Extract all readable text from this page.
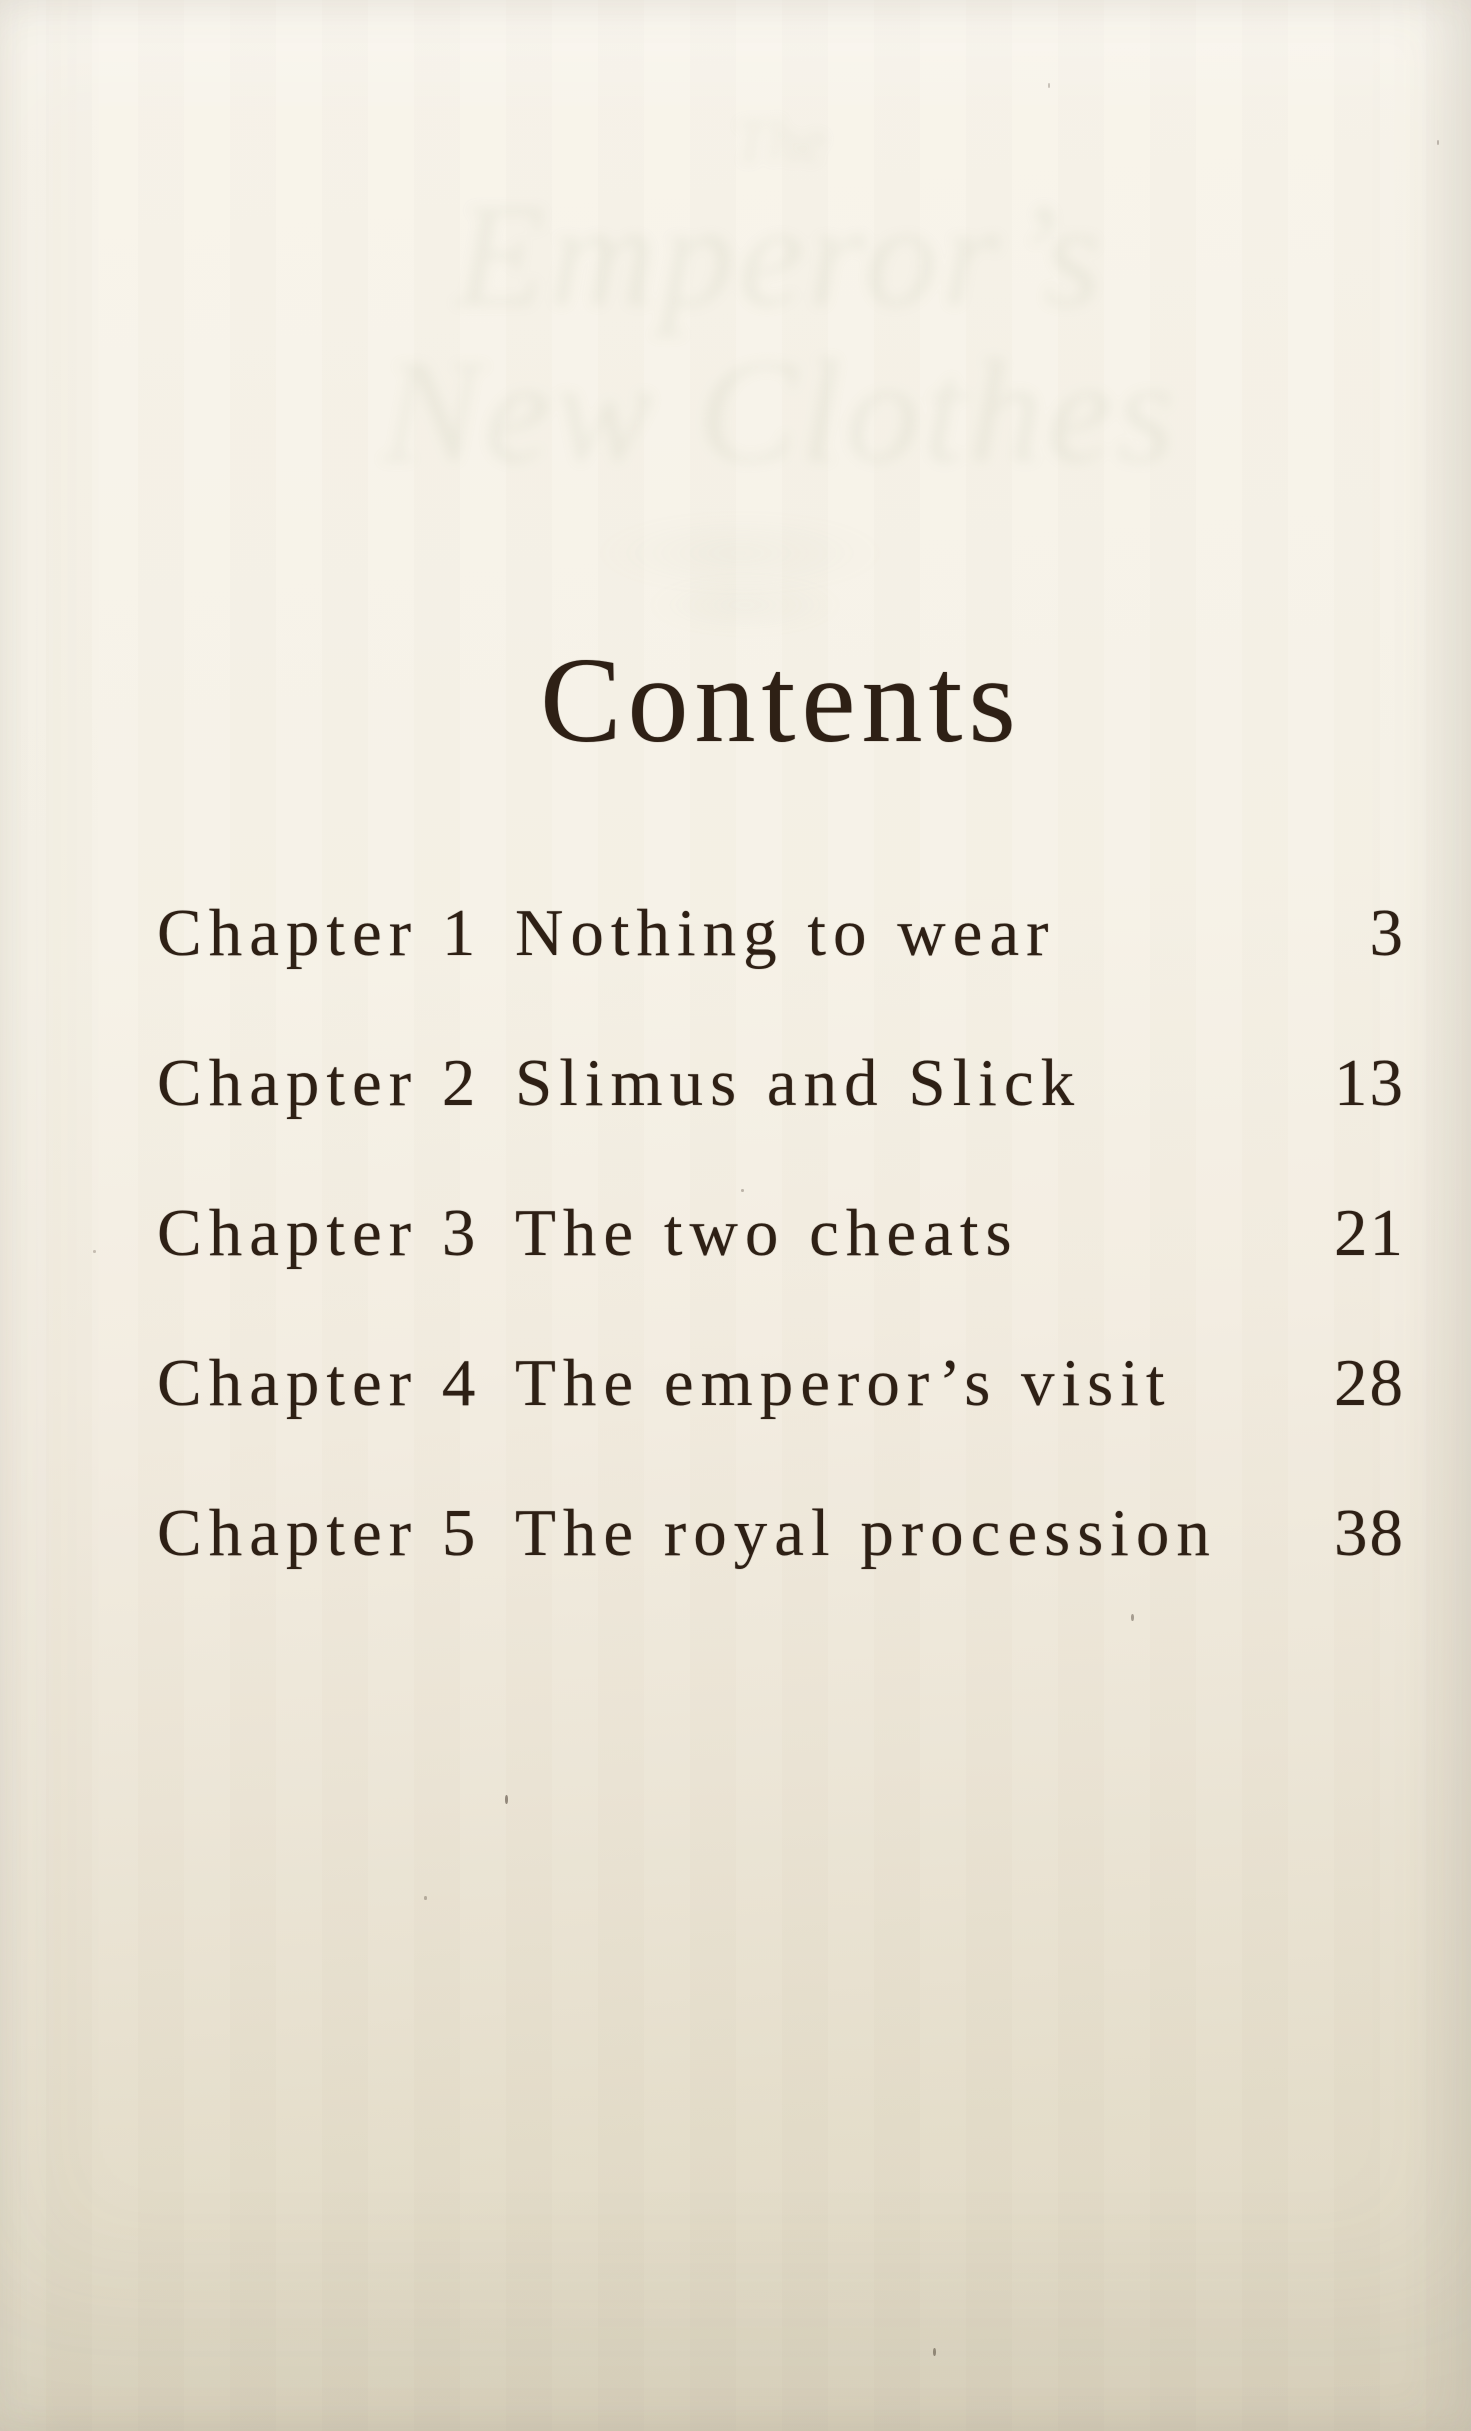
The
Emperor’s
New Clothes
Contents
Chapter 1 Nothing to wear	3
Chapter 2 Slimus and Slick	13
Chapter 3 The two cheats	21
Chapter 4 The emperor’s visit	28
Chapter 5 The royal procession	38
